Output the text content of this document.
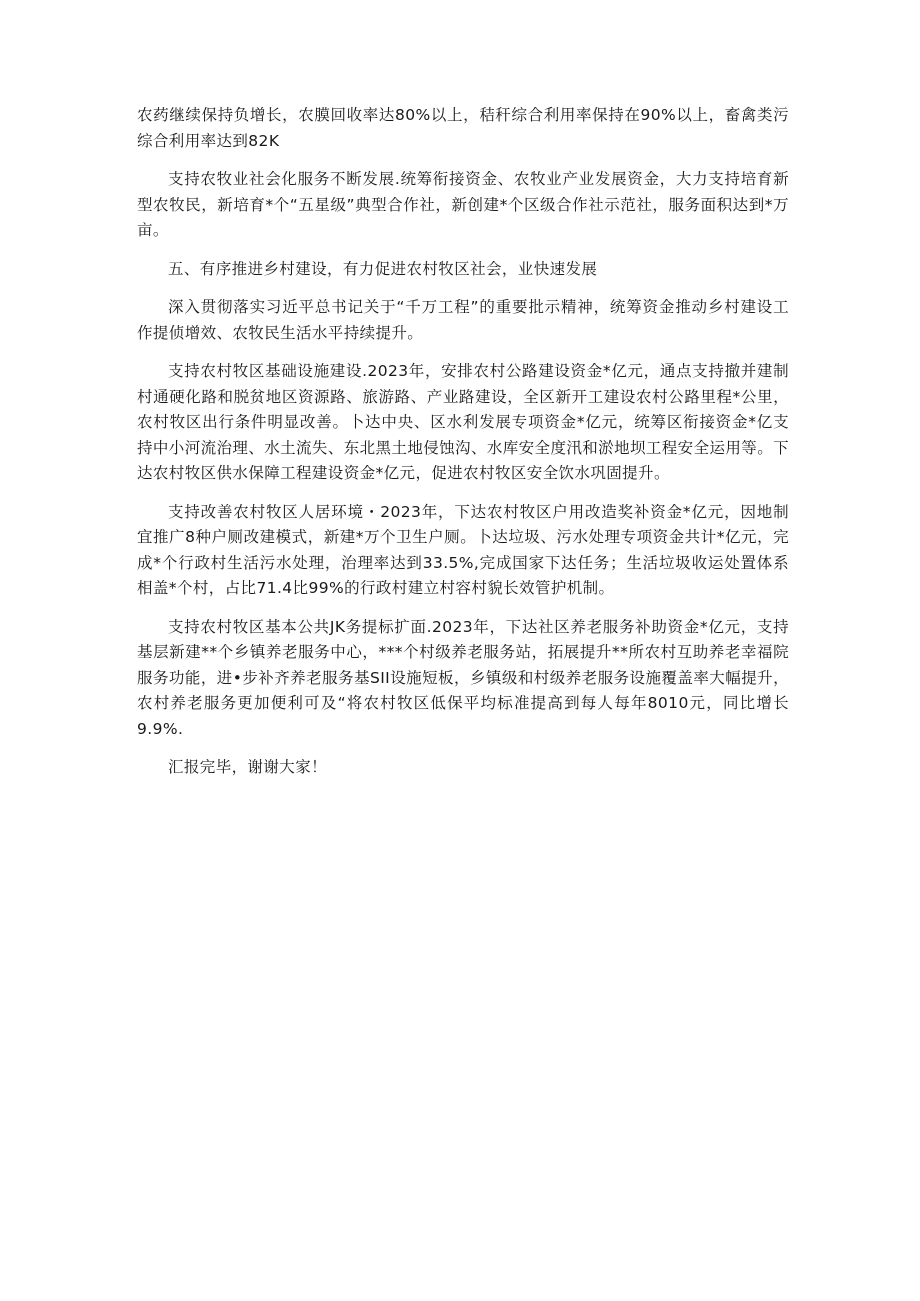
农药继续保持负增长，农膜回收率达80%以上，秸秆综合利用率保持在90%以上，畜禽类污综合利用率达到82K

支持农牧业社会化服务不断发展.统筹衔接资金、农牧业产业发展资金，大力支持培育新型农牧民，新培育*个“五星级”典型合作社，新创建*个区级合作社示范社，服务面积达到*万亩。

五、有序推进乡村建设，有力促进农村牧区社会，业快速发展

深入贯彻落实习近平总书记关于“千万工程”的重要批示精神，统筹资金推动乡村建设工作提侦增效、农牧民生活水平持续提升。

支持农村牧区基础设施建设.2023年，安排农村公路建设资金*亿元，通点支持撤并建制村通硬化路和脱贫地区资源路、旅游路、产业路建设，全区新开工建设农村公路里程*公里，农村牧区出行条件明显改善。卜达中央、区水利发展专项资金*亿元，统筹区衔接资金*亿支持中小河流治理、水土流失、东北黑土地侵蚀沟、水库安全度汛和淤地坝工程安全运用等。下达农村牧区供水保障工程建设资金*亿元，促进农村牧区安全饮水巩固提升。

支持改善农村牧区人居环境・2023年，下达农村牧区户用改造奖补资金*亿元，因地制宜推广8种户厕改建模式，新建*万个卫生户厕。卜达垃圾、污水处理专项资金共计*亿元，完成*个行政村生活污水处理，治理率达到33.5%,完成国家下达任务；生活垃圾收运处置体系相盖*个村，占比71.4比99%的行政村建立村容村貌长效管护机制。

支持农村牧区基本公共JK务提标扩面.2023年，下达社区养老服务补助资金*亿元，支持基层新建**个乡镇养老服务中心，***个村级养老服务站，拓展提升**所农村互助养老幸福院服务功能，进•步补齐养老服务基SII设施短板，乡镇级和村级养老服务设施覆盖率大幅提升，农村养老服务更加便利可及“将农村牧区低保平均标准提高到每人每年8010元，同比增长9.9%.

汇报完毕，谢谢大家！
